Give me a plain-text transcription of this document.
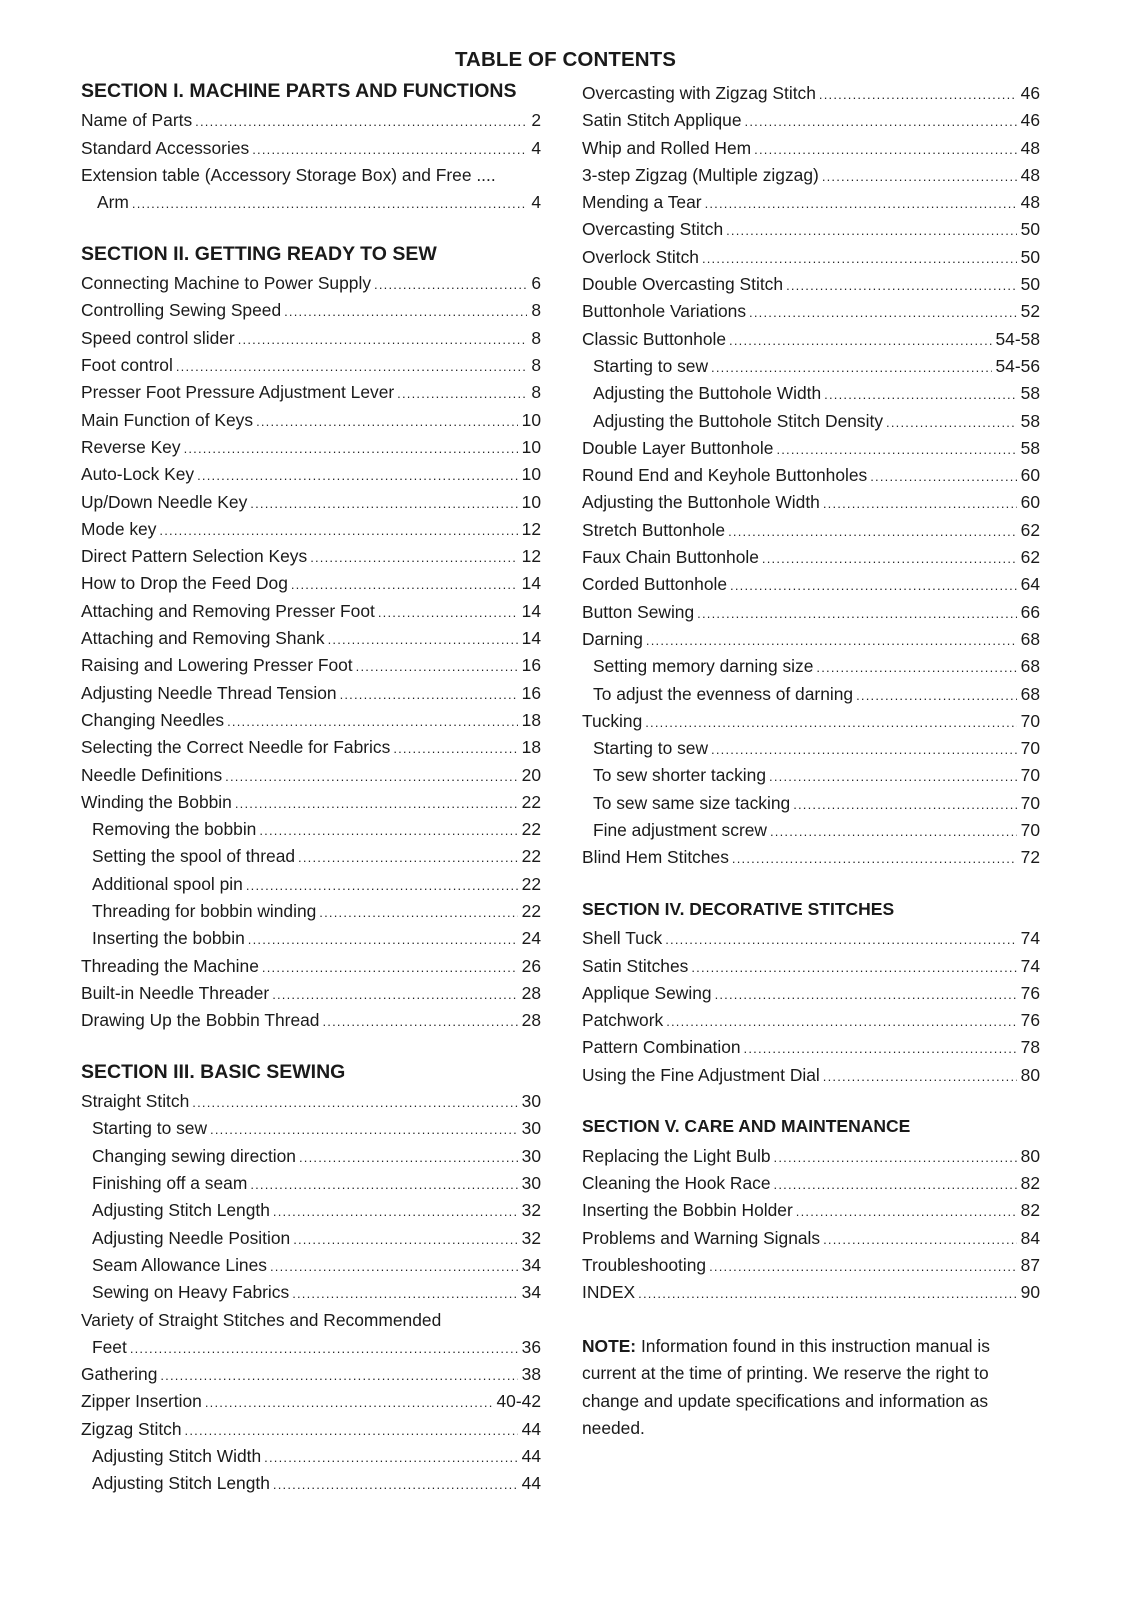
TABLE OF CONTENTS
SECTION I. MACHINE PARTS AND FUNCTIONS
Name of Parts .....	2
Standard Accessories .....	4
Extension table (Accessory Storage Box) and Free ....
Arm .....	4
SECTION II. GETTING READY TO SEW
Connecting Machine to Power Supply .....	6
Controlling Sewing Speed .....	8
Speed control slider .....	8
Foot control .....	8
Presser Foot Pressure Adjustment Lever .....	8
Main Function of Keys .....	10
Reverse Key .....	10
Auto-Lock Key .....	10
Up/Down Needle Key .....	10
Mode key .....	12
Direct Pattern Selection Keys .....	12
How to Drop the Feed Dog .....	14
Attaching and Removing Presser Foot .....	14
Attaching and Removing Shank .....	14
Raising and Lowering Presser Foot .....	16
Adjusting Needle Thread Tension .....	16
Changing Needles .....	18
Selecting the Correct Needle for Fabrics .....	18
Needle Definitions .....	20
Winding the Bobbin .....	22
Removing the bobbin .....	22
Setting the spool of thread .....	22
Additional spool pin .....	22
Threading for bobbin winding .....	22
Inserting the bobbin .....	24
Threading the Machine .....	26
Built-in Needle Threader .....	28
Drawing Up the Bobbin Thread .....	28
SECTION III. BASIC SEWING
Straight Stitch .....	30
Starting to sew .....	30
Changing sewing direction .....	30
Finishing off a seam .....	30
Adjusting Stitch Length .....	32
Adjusting Needle Position .....	32
Seam Allowance Lines .....	34
Sewing on Heavy Fabrics .....	34
Variety of Straight Stitches and Recommended
Feet .....	36
Gathering .....	38
Zipper Insertion .....	40-42
Zigzag Stitch .....	44
Adjusting Stitch Width .....	44
Adjusting Stitch Length .....	44
Overcasting with Zigzag Stitch .....	46
Satin Stitch Applique .....	46
Whip and Rolled Hem .....	48
3-step Zigzag (Multiple zigzag) .....	48
Mending a Tear .....	48
Overcasting Stitch .....	50
Overlock Stitch .....	50
Double Overcasting Stitch .....	50
Buttonhole Variations .....	52
Classic Buttonhole .....	54-58
Starting to sew .....	54-56
Adjusting the Buttohole Width .....	58
Adjusting the Buttohole Stitch Density .....	58
Double Layer Buttonhole .....	58
Round End and Keyhole Buttonholes .....	60
Adjusting the Buttonhole Width .....	60
Stretch Buttonhole .....	62
Faux Chain Buttonhole .....	62
Corded Buttonhole .....	64
Button Sewing .....	66
Darning .....	68
Setting memory darning size .....	68
To adjust the evenness of darning .....	68
Tucking .....	70
Starting to sew .....	70
To sew shorter tacking .....	70
To sew same size tacking .....	70
Fine adjustment screw .....	70
Blind Hem Stitches .....	72
SECTION IV. DECORATIVE STITCHES
Shell Tuck .....	74
Satin Stitches .....	74
Applique Sewing .....	76
Patchwork .....	76
Pattern Combination .....	78
Using the Fine Adjustment Dial .....	80
SECTION V. CARE AND MAINTENANCE
Replacing the Light Bulb .....	80
Cleaning the Hook Race .....	82
Inserting the Bobbin Holder .....	82
Problems and Warning Signals .....	84
Troubleshooting .....	87
INDEX .....	90
NOTE: Information found in this instruction manual is
current at the time of printing. We reserve the right to
change and update specifications and information as
needed.
